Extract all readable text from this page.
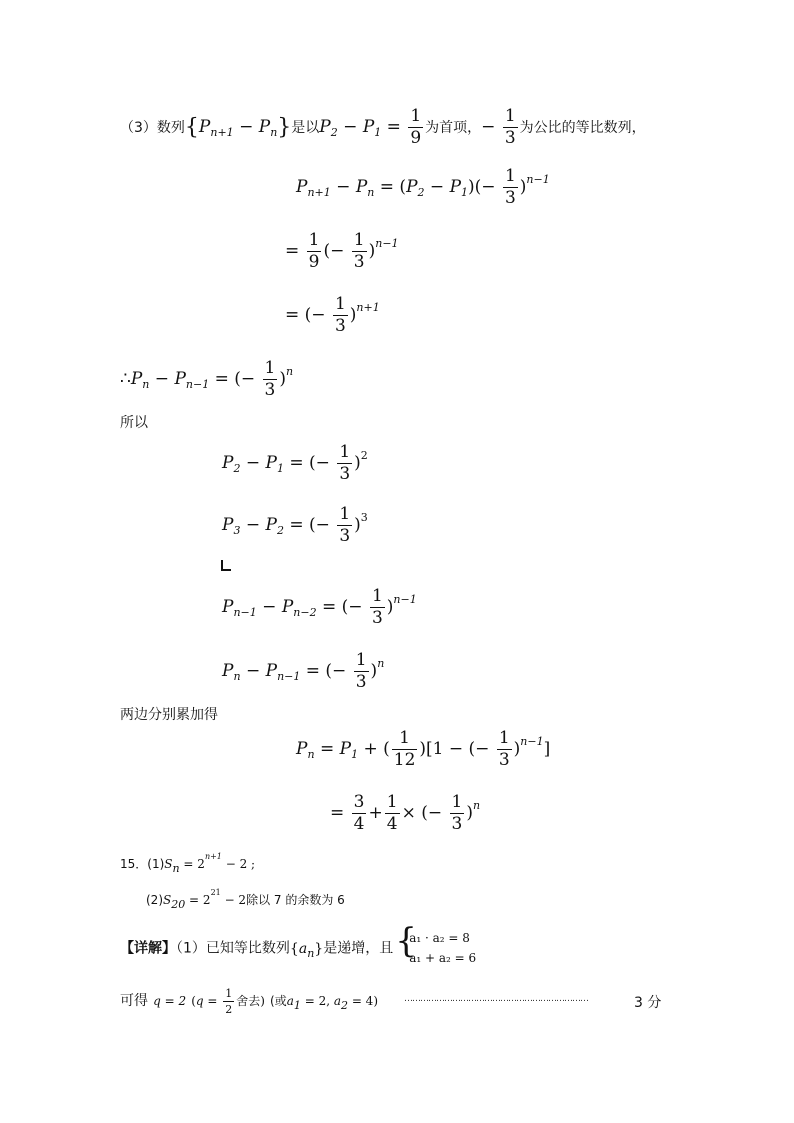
（3）数列$\{P_{n+1} - P_n\}$是以$P_2 - P_1 = \frac{1}{9}$ 为首项，− $\frac{1}{3}$ 为公比的等比数列，
$P_{n+1} - P_n = (P_2 - P_1)(- \frac{1}{3} )^{n-1}$
= $\frac{1}{9}$ (− $\frac{1}{3} )^{n-1}$
= (− $\frac{1}{3} )^{n+1}$
$\therefore P_n - P_{n-1}$ = (− $\frac{1}{3} )^n$
所以
$P_2 - P_1$ = (− $\frac{1}{3} )^2$
$P_3 - P_2$ = (− $\frac{1}{3} )^3$
$P_{n-1} - P_{n-2}$ = (− $\frac{1}{3} )^{n-1}$
$P_n - P_{n-1}$ = (− $\frac{1}{3} )^n$
两边分别累加得
$P_n = P_1$ + ( $\frac{1}{12} )[1$ − (− $\frac{1}{3} )^{n-1}$]
= $\frac{3}{4} + \frac{1}{4}$ × (− $\frac{1}{3} )^n$
15．$(1)S_n = 2^{n+1} - 2$ ;
$(2)S_{20} = 2^{21} - 2$除以 7 的余数为 6
【详解】（1）已知等比数列$\{a_n\}$是递增，且 {
a₁ · a₂ = 8
a₁ + a₂ = 6
可得 q = 2 ($q = \frac{1}{2}$ 舍去) (或$a_1 = 2$, $a_2 = 4$)	……………………………………………………………	3 分
